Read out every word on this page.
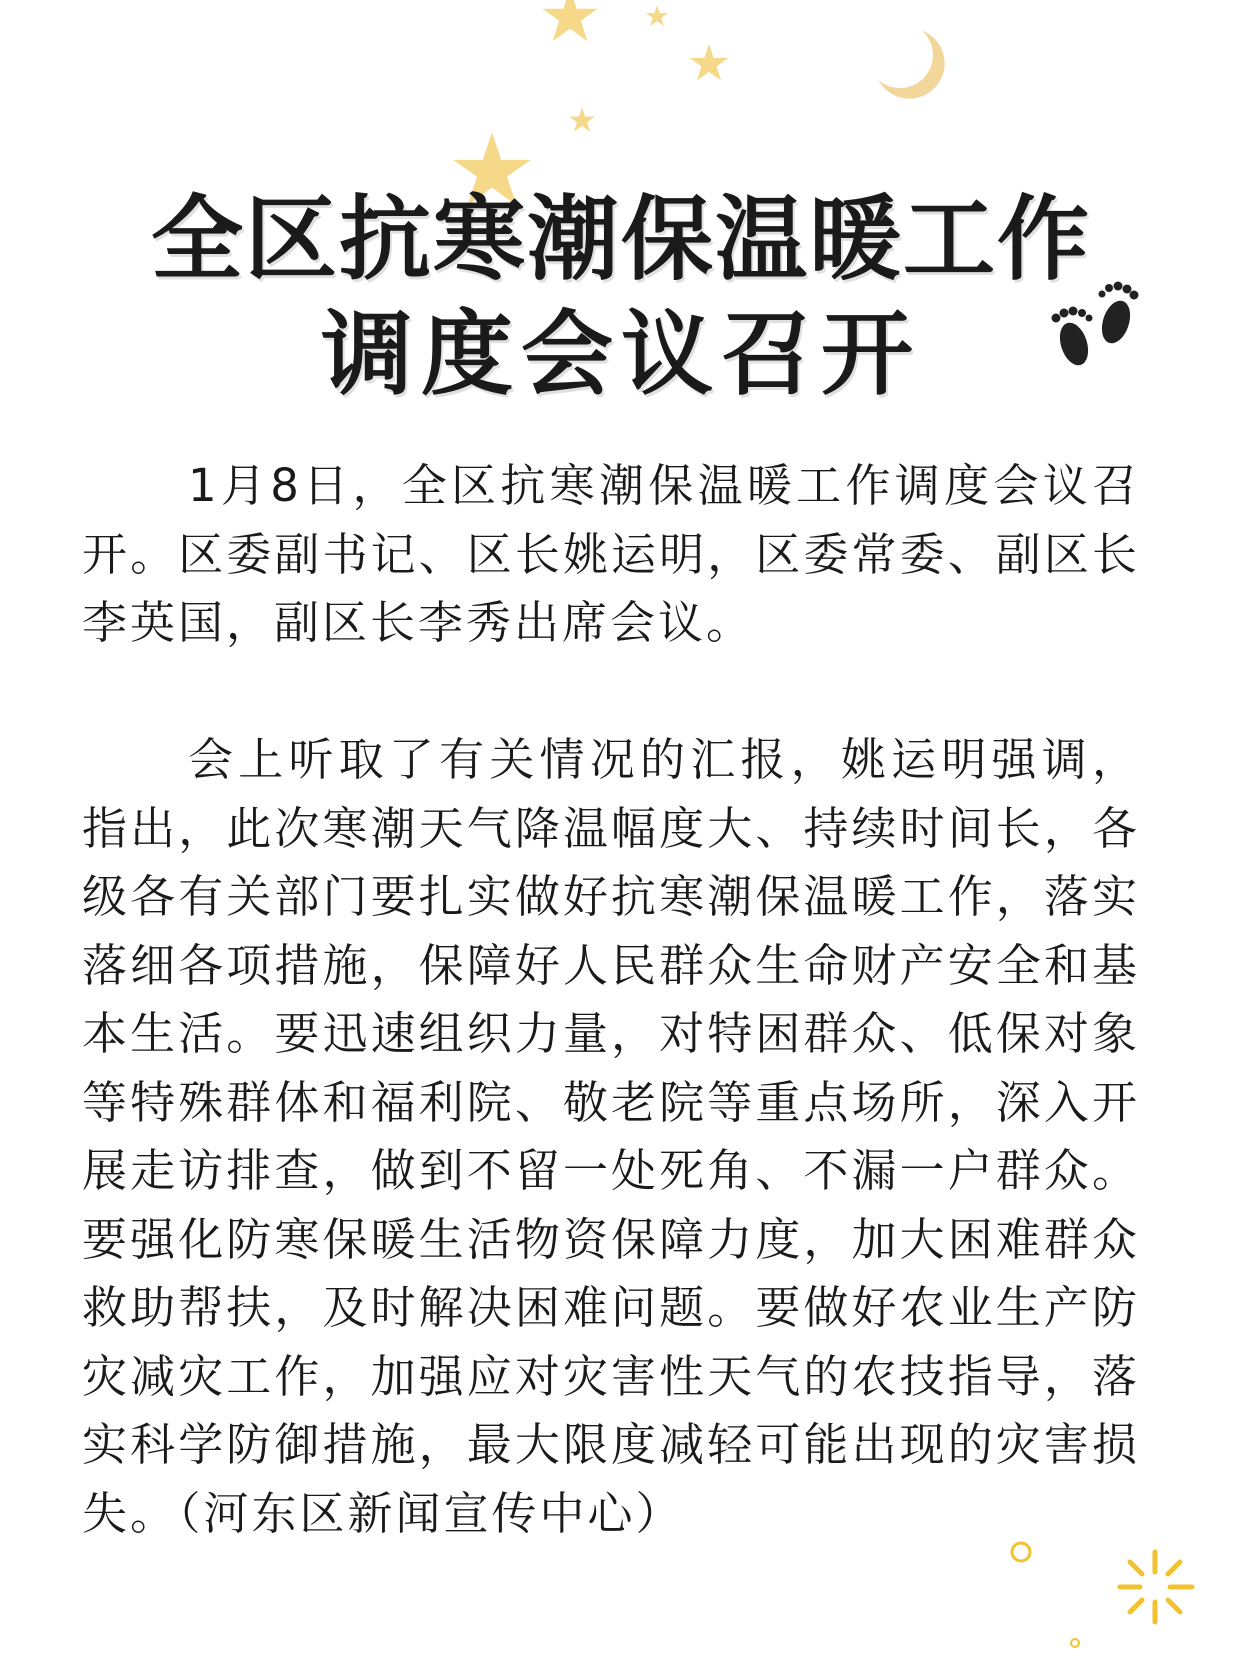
全区抗寒潮保温暖工作
调度会议召开

1月8日，全区抗寒潮保温暖工作调度会议召开。区委副书记、区长姚运明，区委常委、副区长李英国，副区长李秀出席会议。

会上听取了有关情况的汇报，姚运明强调，指出，此次寒潮天气降温幅度大、持续时间长，各级各有关部门要扎实做好抗寒潮保温暖工作，落实落细各项措施，保障好人民群众生命财产安全和基本生活。要迅速组织力量，对特困群众、低保对象等特殊群体和福利院、敬老院等重点场所，深入开展走访排查，做到不留一处死角、不漏一户群众。要强化防寒保暖生活物资保障力度，加大困难群众救助帮扶，及时解决困难问题。要做好农业生产防灾减灾工作，加强应对灾害性天气的农技指导，落实科学防御措施，最大限度减轻可能出现的灾害损失。（河东区新闻宣传中心）
